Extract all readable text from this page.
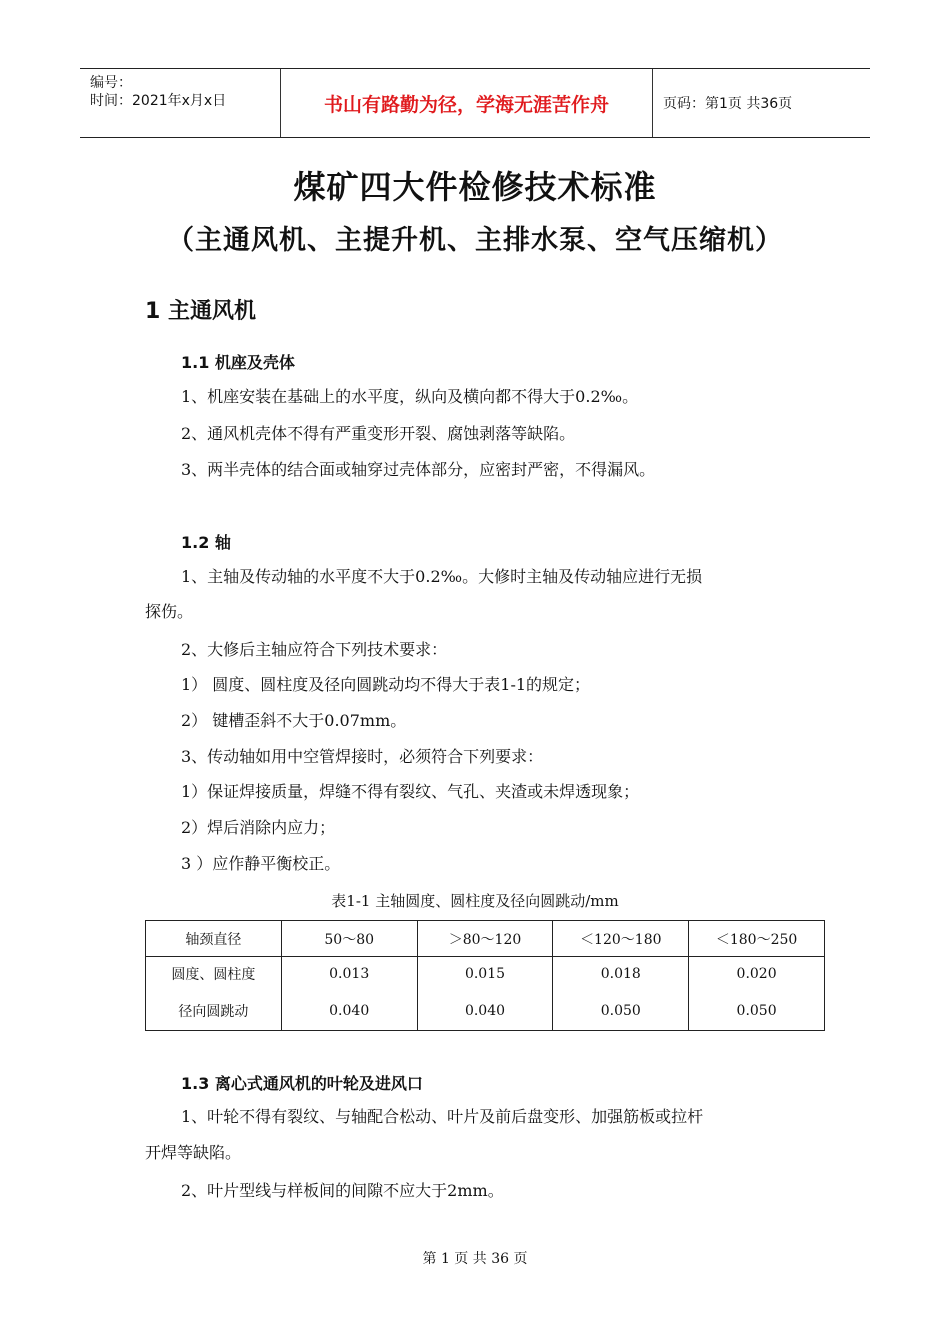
编号：
时间：2021年x月x日	书山有路勤为径，学海无涯苦作舟	页码：第1页 共36页
煤矿四大件检修技术标准
（主通风机、主提升机、主排水泵、空气压缩机）
1 主通风机
1.1 机座及壳体
1、机座安装在基础上的水平度，纵向及横向都不得大于0.2‰。
2、通风机壳体不得有严重变形开裂、腐蚀剥落等缺陷。
3、两半壳体的结合面或轴穿过壳体部分，应密封严密，不得漏风。
1.2 轴
1、主轴及传动轴的水平度不大于0.2‰。大修时主轴及传动轴应进行无损
探伤。
2、大修后主轴应符合下列技术要求：
1） 圆度、圆柱度及径向圆跳动均不得大于表1-1的规定；
2） 键槽歪斜不大于0.07mm。
3、传动轴如用中空管焊接时，必须符合下列要求：
1）保证焊接质量，焊缝不得有裂纹、气孔、夹渣或未焊透现象；
2）焊后消除内应力；
3 ）应作静平衡校正。
表1-1 主轴圆度、圆柱度及径向圆跳动/mm
轴颈直径	50～80	＞80～120	＜120～180	＜180～250
圆度、圆柱度	0.013	0.015	0.018	0.020
径向圆跳动	0.040	0.040	0.050	0.050
1.3 离心式通风机的叶轮及进风口
1、叶轮不得有裂纹、与轴配合松动、叶片及前后盘变形、加强筋板或拉杆
开焊等缺陷。
2、叶片型线与样板间的间隙不应大于2mm。
第 1 页 共 36 页
